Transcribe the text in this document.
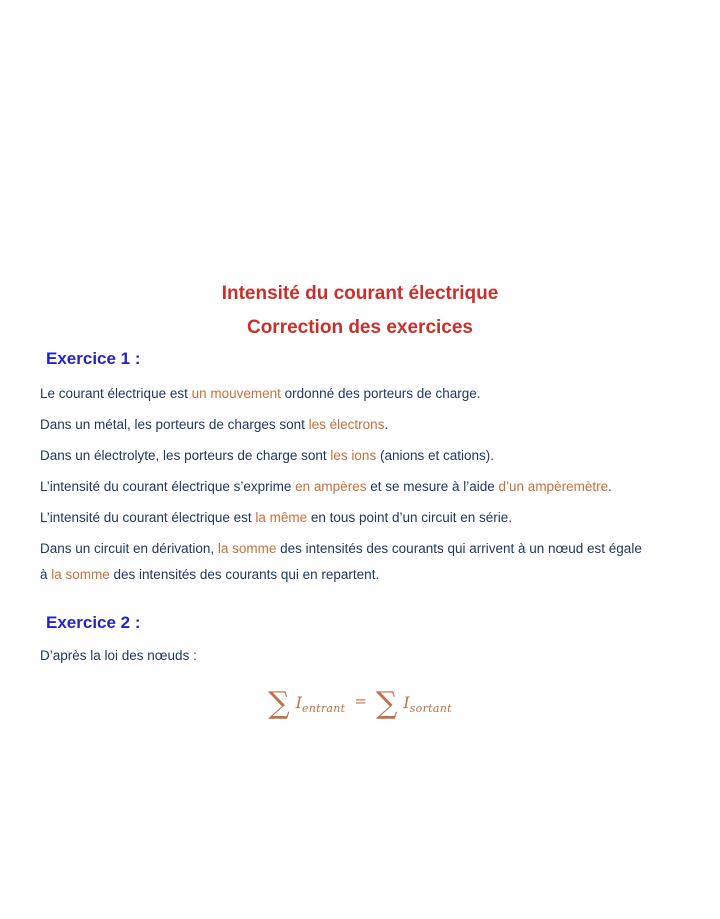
Intensité du courant électrique
Correction des exercices
Exercice 1 :

Le courant électrique est un mouvement ordonné des porteurs de charge.

Dans un métal, les porteurs de charges sont les électrons.

Dans un électrolyte, les porteurs de charge sont les ions (anions et cations).

L’intensité du courant électrique s’exprime en ampères et se mesure à l’aide d’un ampèremètre.

L’intensité du courant électrique est la même en tous point d’un circuit en série.

Dans un circuit en dérivation, la somme des intensités des courants qui arrivent à un nœud est égale
à la somme des intensités des courants qui en repartent.

Exercice 2 :

D’après la loi des nœuds :

∑ $I_{entrant}$ = ∑ $I_{sortant}$
